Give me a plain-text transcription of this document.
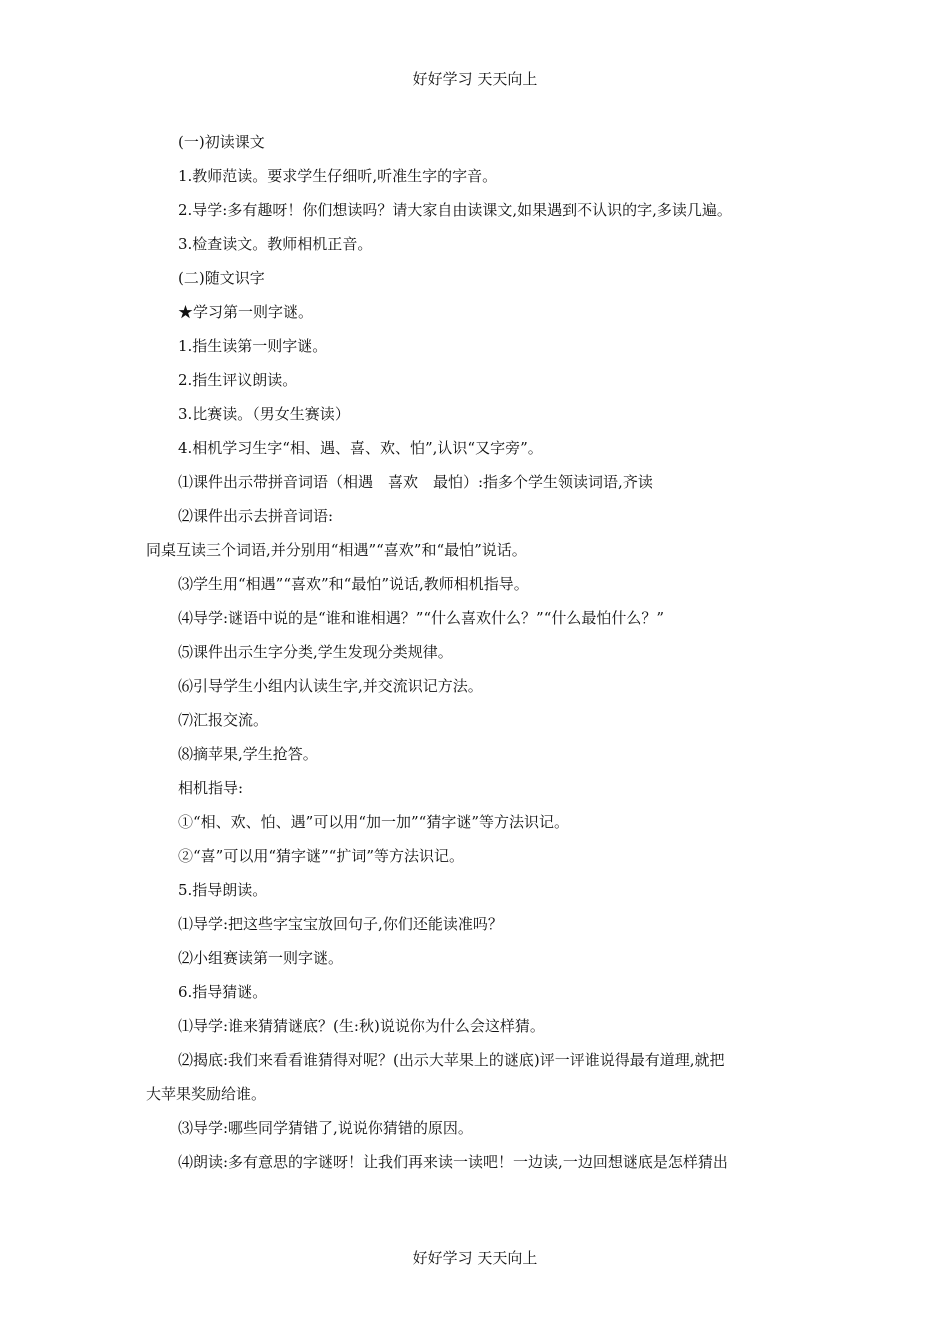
好好学习 天天向上

(一)初读课文

1.教师范读。要求学生仔细听,听准生字的字音。

2.导学:多有趣呀！你们想读吗？请大家自由读课文,如果遇到不认识的字,多读几遍。

3.检查读文。教师相机正音。

(二)随文识字

★学习第一则字谜。

1.指生读第一则字谜。

2.指生评议朗读。

3.比赛读。（男女生赛读）

4.相机学习生字“相、遇、喜、欢、怕”,认识“又字旁”。

⑴课件出示带拼音词语（相遇　喜欢　最怕）:指多个学生领读词语,齐读

⑵课件出示去拼音词语:

同桌互读三个词语,并分别用“相遇”“喜欢”和“最怕”说话。

⑶学生用“相遇”“喜欢”和“最怕”说话,教师相机指导。

⑷导学:谜语中说的是“谁和谁相遇？”“什么喜欢什么？”“什么最怕什么？”

⑸课件出示生字分类,学生发现分类规律。

⑹引导学生小组内认读生字,并交流识记方法。

⑺汇报交流。

⑻摘苹果,学生抢答。

相机指导:

①“相、欢、怕、遇”可以用“加一加”“猜字谜”等方法识记。

②“喜”可以用“猜字谜”“扩词”等方法识记。

5.指导朗读。

⑴导学:把这些字宝宝放回句子,你们还能读准吗？

⑵小组赛读第一则字谜。

6.指导猜谜。

⑴导学:谁来猜猜谜底？(生:秋)说说你为什么会这样猜。

⑵揭底:我们来看看谁猜得对呢？(出示大苹果上的谜底)评一评谁说得最有道理,就把

大苹果奖励给谁。

⑶导学:哪些同学猜错了,说说你猜错的原因。

⑷朗读:多有意思的字谜呀！让我们再来读一读吧！一边读,一边回想谜底是怎样猜出

好好学习 天天向上
